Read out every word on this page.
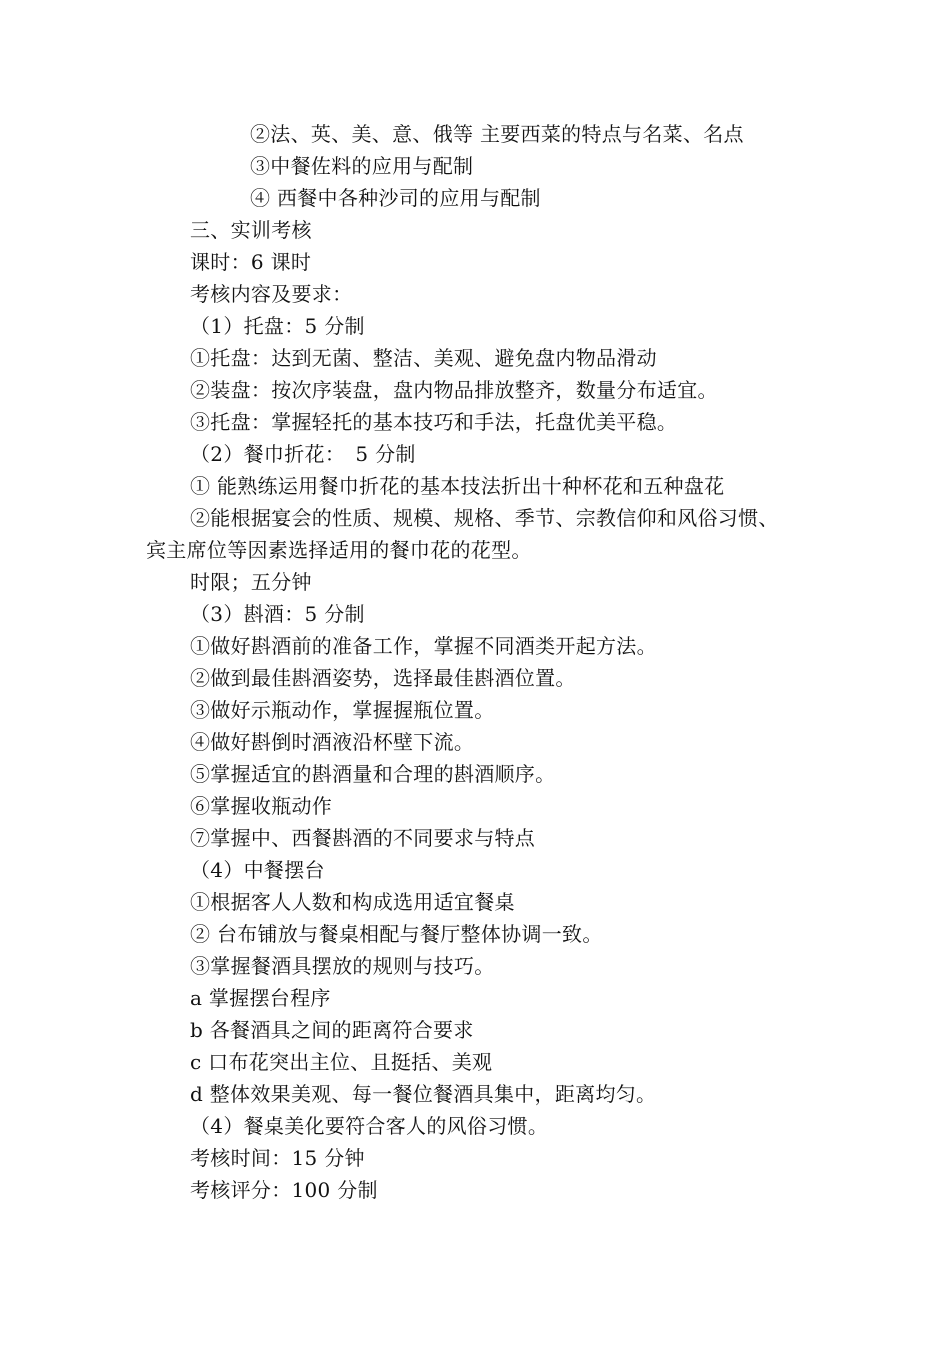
②法、英、美、意、俄等 主要西菜的特点与名菜、名点
③中餐佐料的应用与配制
④ 西餐中各种沙司的应用与配制
三、实训考核
课时：6 课时
考核内容及要求：
（1）托盘：5 分制
①托盘：达到无菌、整洁、美观、避免盘内物品滑动
②装盘：按次序装盘，盘内物品排放整齐，数量分布适宜。
③托盘：掌握轻托的基本技巧和手法，托盘优美平稳。
（2）餐巾折花：　5 分制
① 能熟练运用餐巾折花的基本技法折出十种杯花和五种盘花
②能根据宴会的性质、规模、规格、季节、宗教信仰和风俗习惯、
宾主席位等因素选择适用的餐巾花的花型。
时限；五分钟
（3）斟酒：5 分制
①做好斟酒前的准备工作，掌握不同酒类开起方法。
②做到最佳斟酒姿势，选择最佳斟酒位置。
③做好示瓶动作，掌握握瓶位置。
④做好斟倒时酒液沿杯壁下流。
⑤掌握适宜的斟酒量和合理的斟酒顺序。
⑥掌握收瓶动作
⑦掌握中、西餐斟酒的不同要求与特点
（4）中餐摆台
①根据客人人数和构成选用适宜餐桌
② 台布铺放与餐桌相配与餐厅整体协调一致。
③掌握餐酒具摆放的规则与技巧。
a 掌握摆台程序
b 各餐酒具之间的距离符合要求
c 口布花突出主位、且挺括、美观
d 整体效果美观、每一餐位餐酒具集中，距离均匀。
（4）餐桌美化要符合客人的风俗习惯。
考核时间：15 分钟
考核评分：100 分制
